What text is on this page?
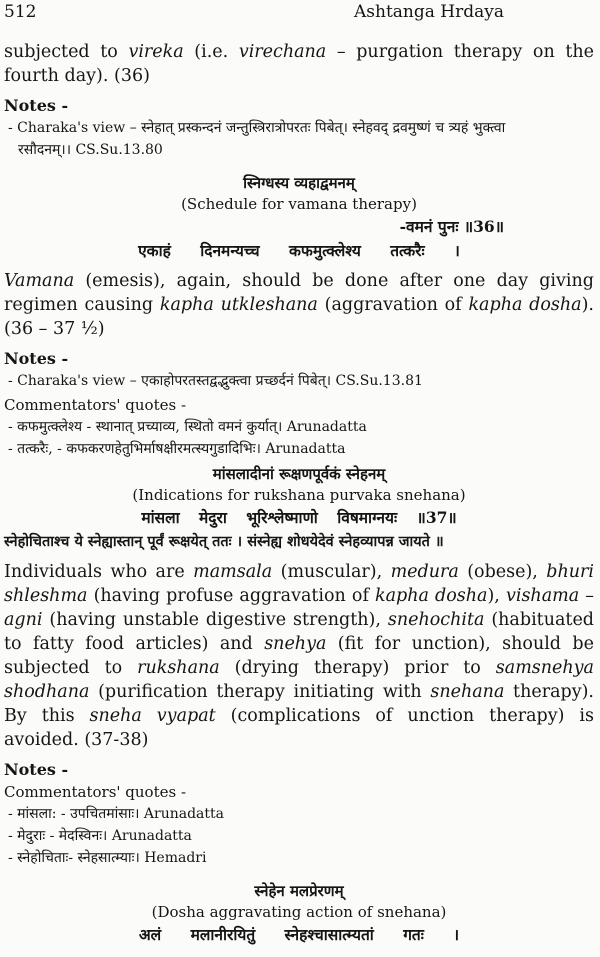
512	Ashtanga Hrdaya

subjected to vireka (i.e. virechana – purgation therapy on the fourth day). (36)

Notes -
- Charaka's view – स्नेहात् प्रस्कन्दनं जन्तुस्त्रिरात्रोपरतः पिबेत्। स्नेहवद् द्रवमुष्णं च त्र्यहं भुक्त्वा
रसौदनम्।। CS.Su.13.80
स्निग्धस्य व्यहाद्वमनम्
(Schedule for vamana therapy)
-वमनं पुनः ॥36॥
एकाहं दिनमन्यच्च कफमुत्क्लेश्य तत्करैः ।

Vamana (emesis), again, should be done after one day giving regimen causing kapha utkleshana (aggravation of kapha dosha). (36 – 37 ½)

Notes -
- Charaka's view – एकाहोपरतस्तद्वद्भुक्त्वा प्रच्छर्दनं पिबेत्। CS.Su.13.81
Commentators' quotes -
- कफमुत्क्लेश्य - स्थानात् प्रच्याव्य, स्थितो वमनं कुर्यात्। Arunadatta
- तत्करैः, - कफकरणहेतुभिर्माषक्षीरमत्स्यगुडादिभिः। Arunadatta
मांसलादीनां रूक्षणपूर्वकं स्नेहनम्
(Indications for rukshana purvaka snehana)
मांसला मेदुरा भूरिश्लेष्माणो विषमाग्नयः ॥37॥
स्नेहोचिताश्च ये स्नेह्यास्तान् पूर्वं रूक्षयेत् ततः । संस्नेह्य शोधयेदेवं स्नेहव्यापन्न जायते ॥

Individuals who are mamsala (muscular), medura (obese), bhuri shleshma (having profuse aggravation of kapha dosha), vishama – agni (having unstable digestive strength), snehochita (habituated to fatty food articles) and snehya (fit for unction), should be subjected to rukshana (drying therapy) prior to samsnehya shodhana (purification therapy initiating with snehana therapy). By this sneha vyapat (complications of unction therapy) is avoided. (37-38)

Notes -
Commentators' quotes -
- मांसला: - उपचितमांसाः। Arunadatta
- मेदुराः - मेदस्विनः। Arunadatta
- स्नेहोचिताः- स्नेहसात्म्याः। Hemadri
स्नेहेन मलप्रेरणम्
(Dosha aggravating action of snehana)
अलं मलानीरयितुं स्नेहश्चासात्म्यतां गतः ।
